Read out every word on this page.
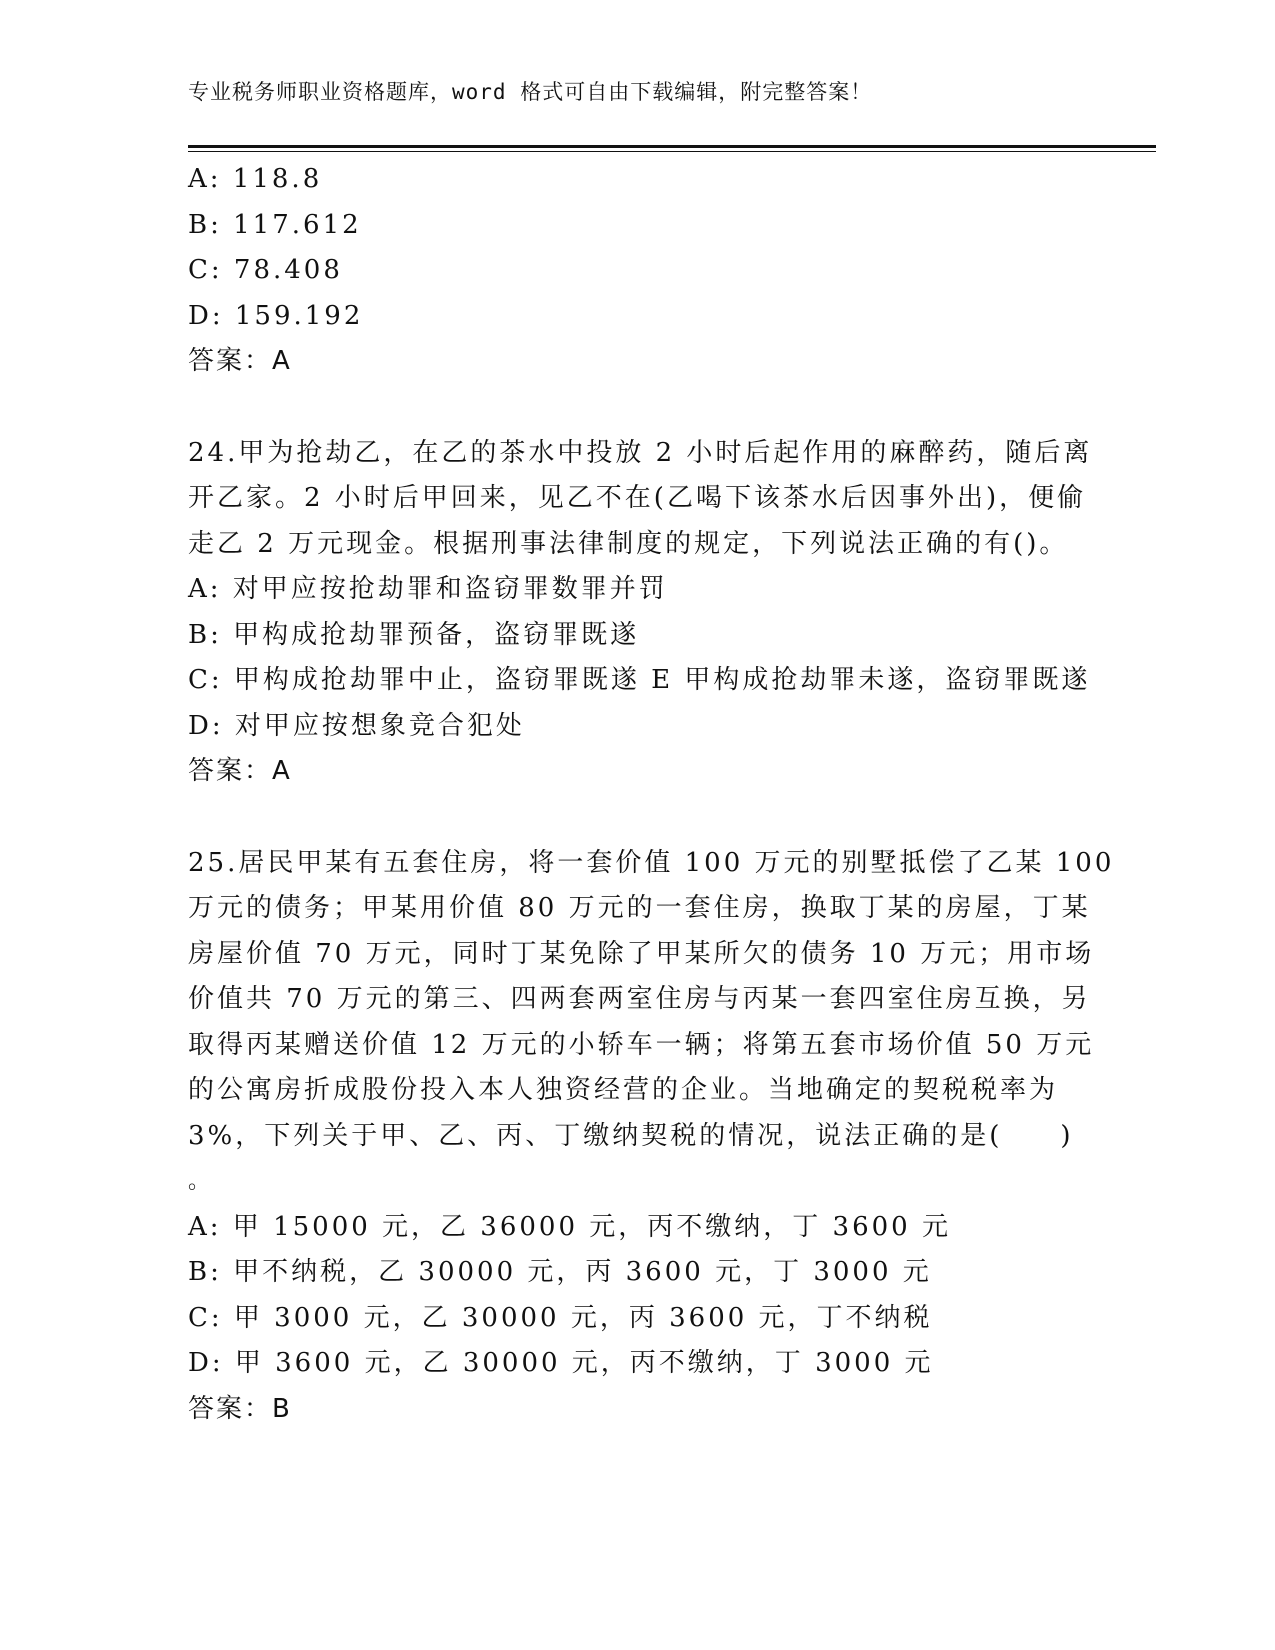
专业税务师职业资格题库，word 格式可自由下载编辑，附完整答案！
A: 118.8
B: 117.612
C: 78.408
D: 159.192
答案：A
24.甲为抢劫乙，在乙的茶水中投放 2 小时后起作用的麻醉药，随后离
开乙家。2 小时后甲回来，见乙不在(乙喝下该茶水后因事外出)，便偷
走乙 2 万元现金。根据刑事法律制度的规定，下列说法正确的有()。
A: 对甲应按抢劫罪和盗窃罪数罪并罚
B: 甲构成抢劫罪预备，盗窃罪既遂
C: 甲构成抢劫罪中止，盗窃罪既遂 E 甲构成抢劫罪未遂，盗窃罪既遂
D: 对甲应按想象竞合犯处
答案：A
25.居民甲某有五套住房，将一套价值 100 万元的别墅抵偿了乙某 100
万元的债务；甲某用价值 80 万元的一套住房，换取丁某的房屋，丁某
房屋价值 70 万元，同时丁某免除了甲某所欠的债务 10 万元；用市场
价值共 70 万元的第三、四两套两室住房与丙某一套四室住房互换，另
取得丙某赠送价值 12 万元的小轿车一辆；将第五套市场价值 50 万元
的公寓房折成股份投入本人独资经营的企业。当地确定的契税税率为
3%，下列关于甲、乙、丙、丁缴纳契税的情况，说法正确的是(　　)
。
A: 甲 15000 元，乙 36000 元，丙不缴纳，丁 3600 元
B: 甲不纳税，乙 30000 元，丙 3600 元，丁 3000 元
C: 甲 3000 元，乙 30000 元，丙 3600 元，丁不纳税
D: 甲 3600 元，乙 30000 元，丙不缴纳，丁 3000 元
答案：B
